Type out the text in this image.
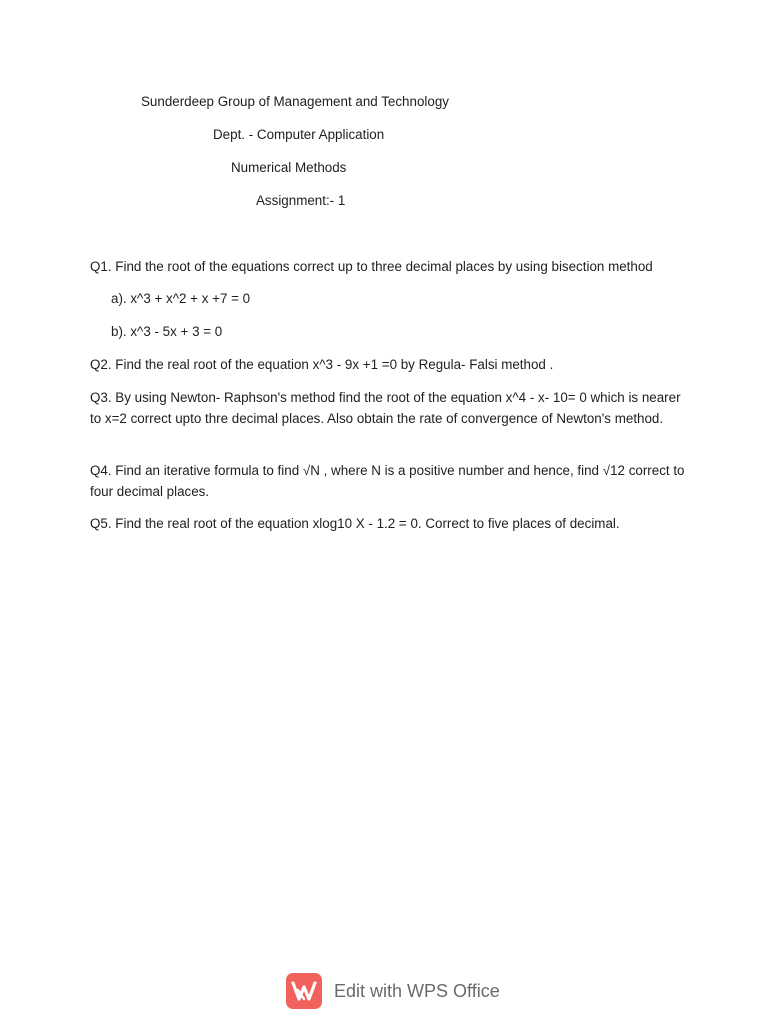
Sunderdeep Group of Management and Technology
Dept. - Computer Application
Numerical Methods
Assignment:- 1
Q1. Find the root of the equations correct up to three decimal places by using bisection method
a). x^3 + x^2 + x +7 = 0
b). x^3 - 5x + 3 = 0
Q2. Find the real root of the equation x^3 - 9x +1 =0 by Regula- Falsi method .
Q3. By using Newton- Raphson's method find the root of the equation x^4 - x- 10= 0 which is nearer to x=2 correct upto thre decimal places. Also obtain the rate of convergence of Newton's method.
Q4. Find an iterative formula to find √N , where N is a positive number and hence, find √12 correct to four decimal places.
Q5. Find the real root of the equation xlog10 X - 1.2 = 0. Correct to five places of decimal.
Edit with WPS Office
